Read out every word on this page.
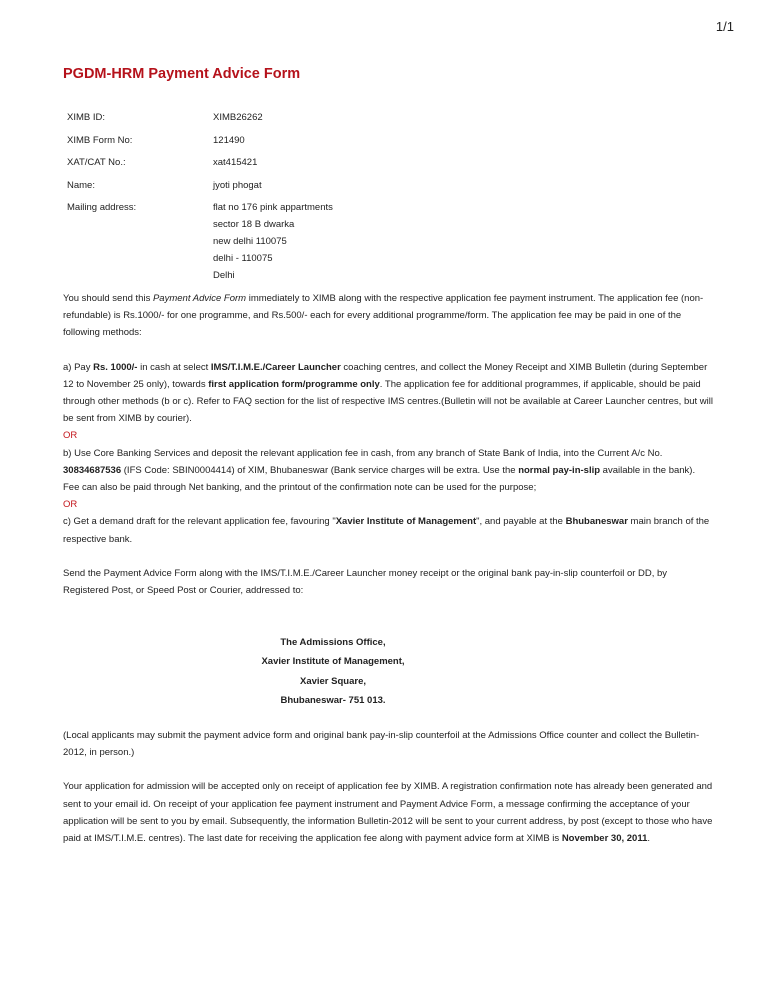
1/1
PGDM-HRM Payment Advice Form
XIMB ID:	XIMB26262
XIMB Form No:	121490
XAT/CAT No.:	xat415421
Name:	jyoti phogat
Mailing address:	flat no 176 pink appartments
sector 18 B dwarka
new delhi 110075
delhi - 110075
Delhi

You should send this Payment Advice Form immediately to XIMB along with the respective application fee payment instrument. The application fee (non-refundable) is Rs.1000/- for one programme, and Rs.500/- each for every additional programme/form. The application fee may be paid in one of the following methods:

a) Pay Rs. 1000/- in cash at select IMS/T.I.M.E./Career Launcher coaching centres, and collect the Money Receipt and XIMB Bulletin (during September 12 to November 25 only), towards first application form/programme only. The application fee for additional programmes, if applicable, should be paid through other methods (b or c). Refer to FAQ section for the list of respective IMS centres.(Bulletin will not be available at Career Launcher centres, but will be sent from XIMB by courier).

OR

b) Use Core Banking Services and deposit the relevant application fee in cash, from any branch of State Bank of India, into the Current A/c No. 30834687536 (IFS Code: SBIN0004414) of XIM, Bhubaneswar (Bank service charges will be extra. Use the normal pay-in-slip available in the bank). Fee can also be paid through Net banking, and the printout of the confirmation note can be used for the purpose;

OR

c) Get a demand draft for the relevant application fee, favouring "Xavier Institute of Management", and payable at the Bhubaneswar main branch of the respective bank.

Send the Payment Advice Form along with the IMS/T.I.M.E./Career Launcher money receipt or the original bank pay-in-slip counterfoil or DD, by Registered Post, or Speed Post or Courier, addressed to:

The Admissions Office,
Xavier Institute of Management,
Xavier Square,
Bhubaneswar- 751 013.

(Local applicants may submit the payment advice form and original bank pay-in-slip counterfoil at the Admissions Office counter and collect the Bulletin-2012, in person.)

Your application for admission will be accepted only on receipt of application fee by XIMB. A registration confirmation note has already been generated and sent to your email id. On receipt of your application fee payment instrument and Payment Advice Form, a message confirming the acceptance of your application will be sent to you by email. Subsequently, the information Bulletin-2012 will be sent to your current address, by post (except to those who have paid at IMS/T.I.M.E. centres). The last date for receiving the application fee along with payment advice form at XIMB is November 30, 2011.
